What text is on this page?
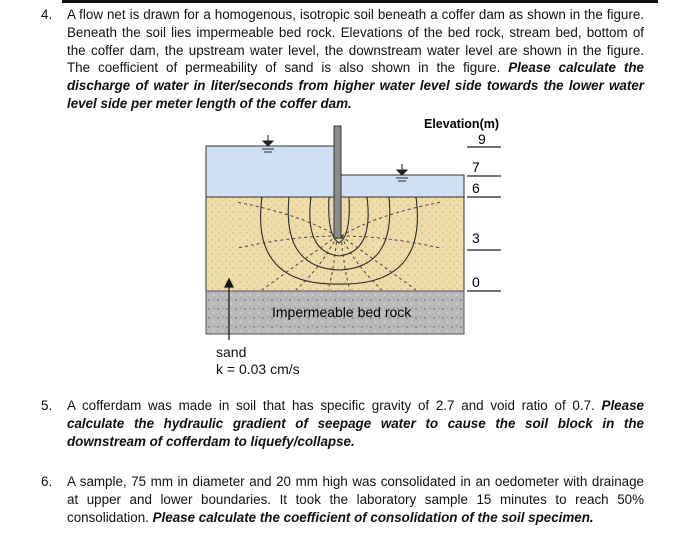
4. A flow net is drawn for a homogenous, isotropic soil beneath a coffer dam as shown in the figure. Beneath the soil lies impermeable bed rock. Elevations of the bed rock, stream bed, bottom of the coffer dam, the upstream water level, the downstream water level are shown in the figure. The coefficient of permeability of sand is also shown in the figure. Please calculate the discharge of water in liter/seconds from higher water level side towards the lower water level side per meter length of the coffer dam.
Elevation(m)
9
7
6
3
0
Impermeable bed rock
sand
k = 0.03 cm/s
5. A cofferdam was made in soil that has specific gravity of 2.7 and void ratio of 0.7. Please calculate the hydraulic gradient of seepage water to cause the soil block in the downstream of cofferdam to liquefy/collapse.
6. A sample, 75 mm in diameter and 20 mm high was consolidated in an oedometer with drainage at upper and lower boundaries. It took the laboratory sample 15 minutes to reach 50% consolidation. Please calculate the coefficient of consolidation of the soil specimen.
